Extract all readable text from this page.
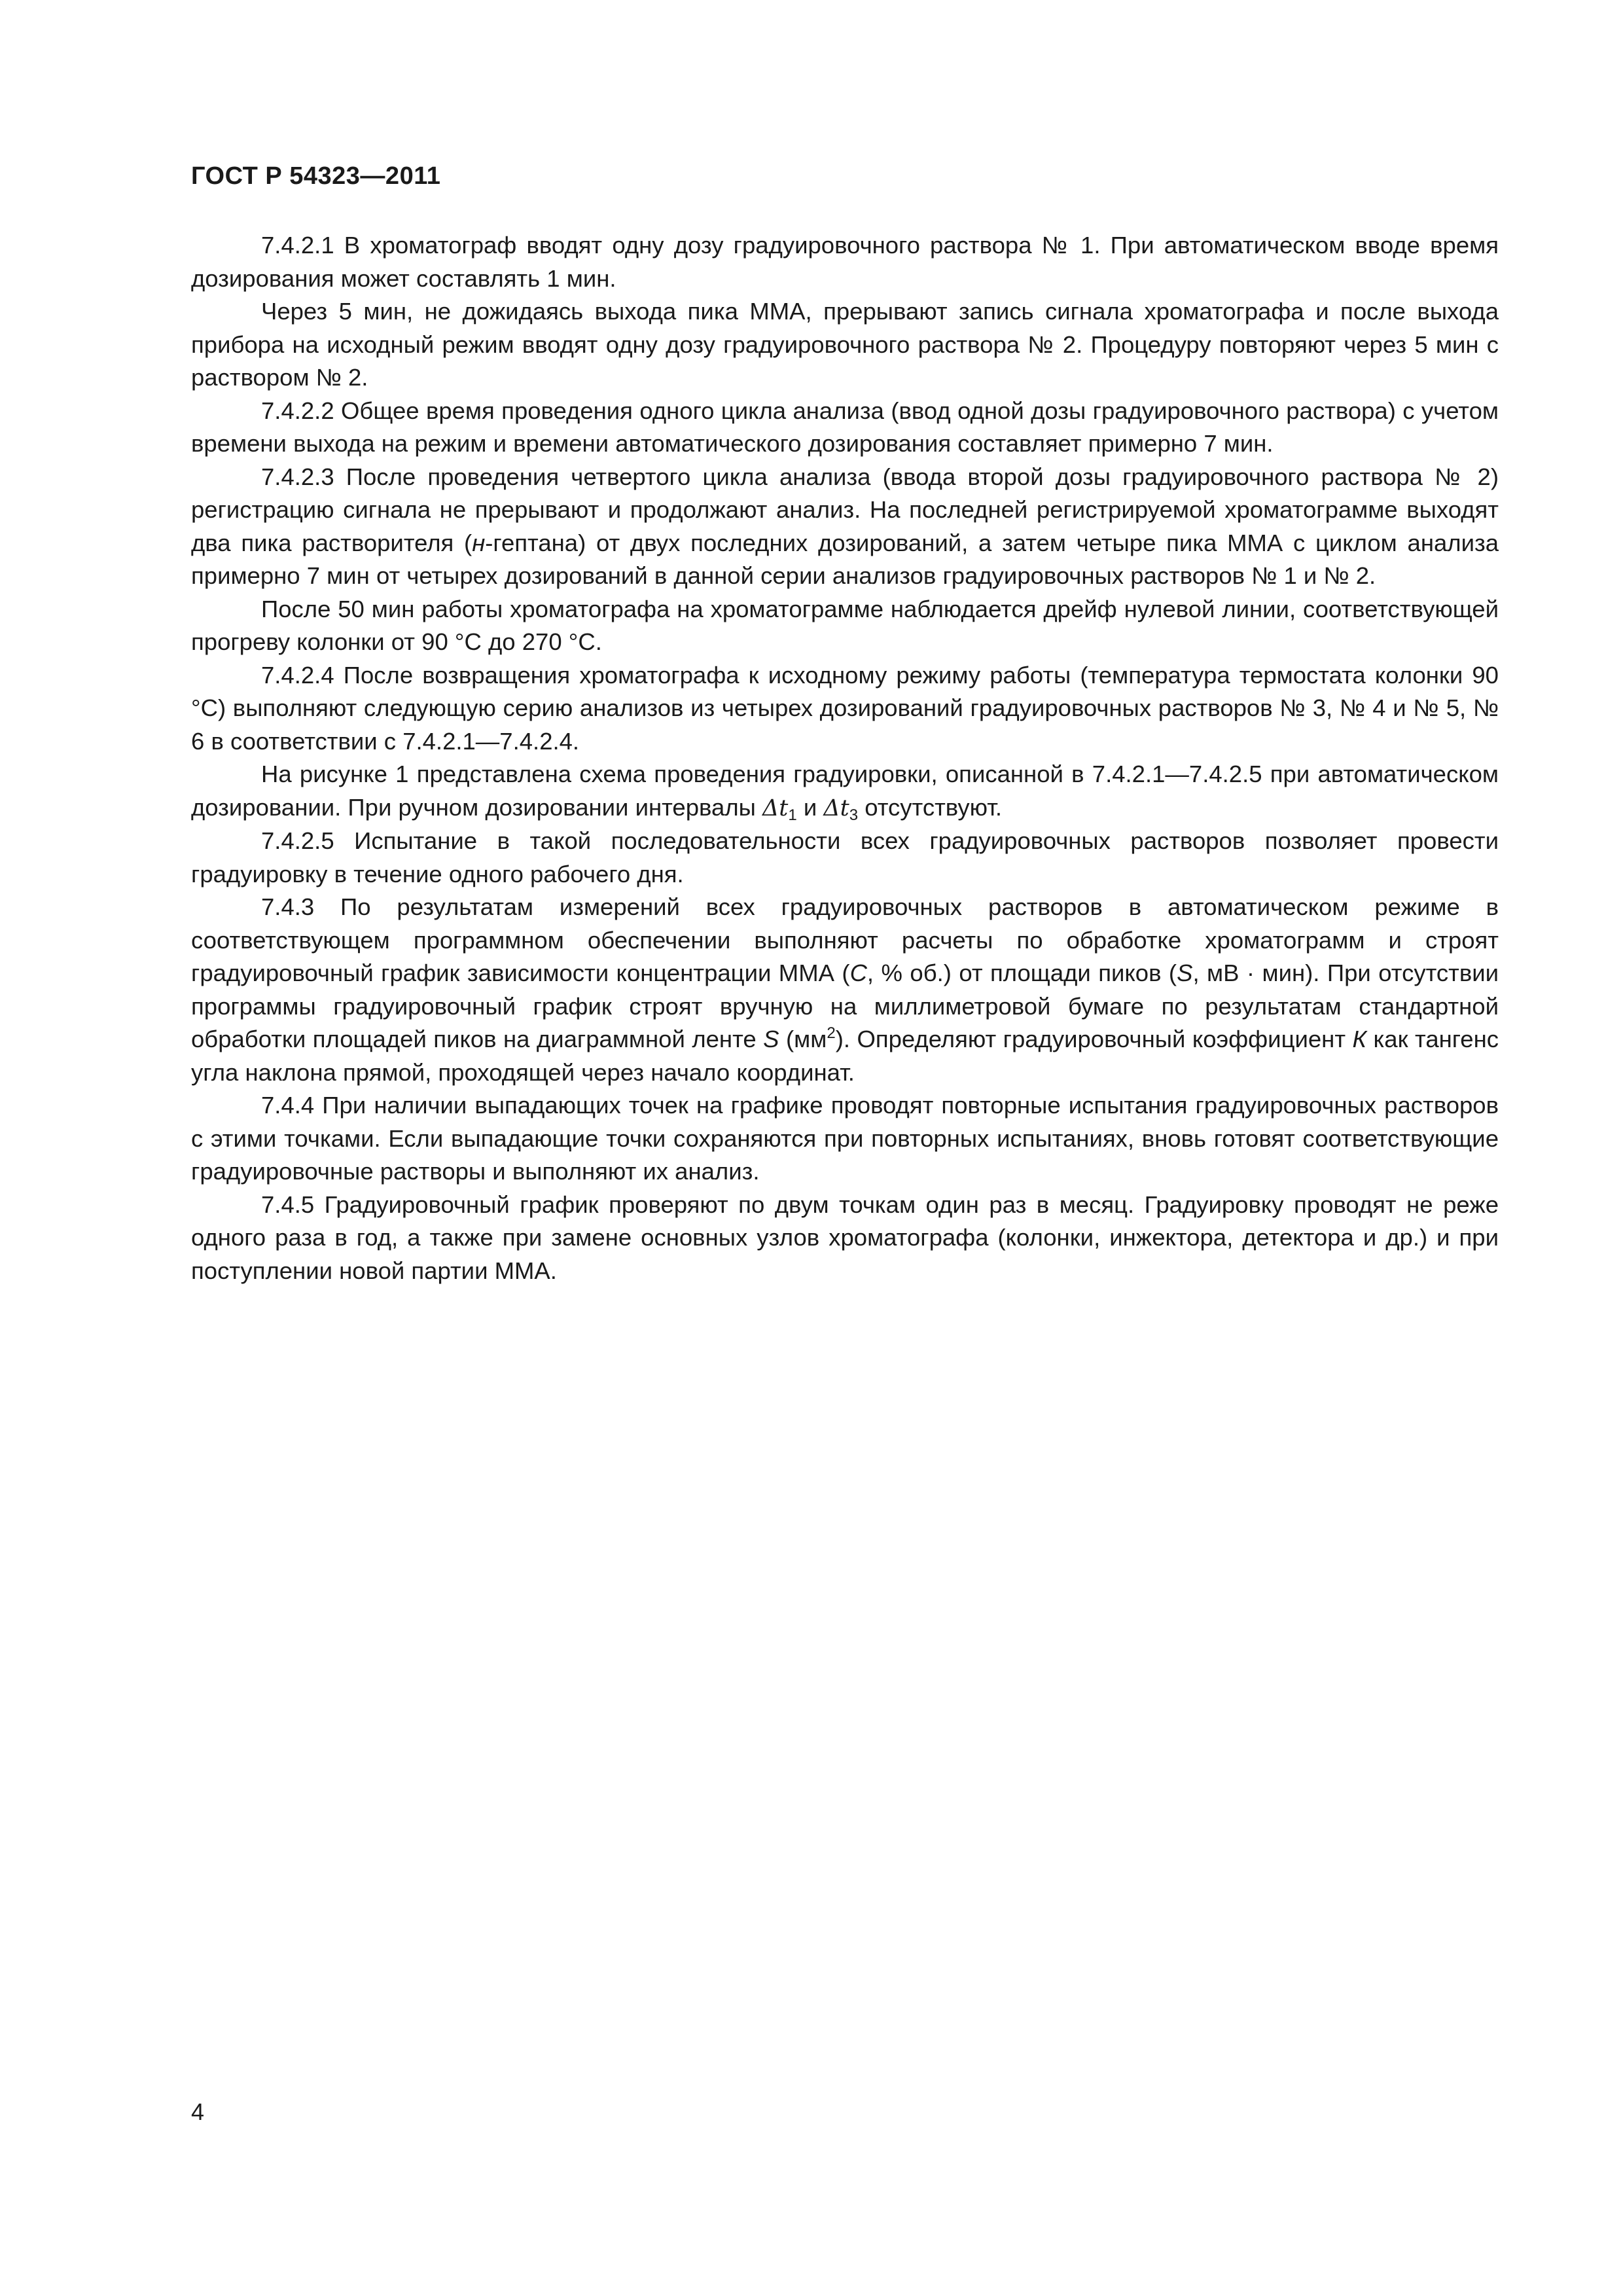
ГОСТ Р 54323—2011

7.4.2.1 В хроматограф вводят одну дозу градуировочного раствора № 1. При автоматическом вводе время дозирования может составлять 1 мин.

Через 5 мин, не дожидаясь выхода пика ММА, прерывают запись сигнала хроматографа и после выхода прибора на исходный режим вводят одну дозу градуировочного раствора № 2. Процедуру повторяют через 5 мин с раствором № 2.

7.4.2.2 Общее время проведения одного цикла анализа (ввод одной дозы градуировочного раствора) с учетом времени выхода на режим и времени автоматического дозирования составляет примерно 7 мин.

7.4.2.3 После проведения четвертого цикла анализа (ввода второй дозы градуировочного раствора № 2) регистрацию сигнала не прерывают и продолжают анализ. На последней регистрируемой хроматограмме выходят два пика растворителя (н-гептана) от двух последних дозирований, а затем четыре пика ММА с циклом анализа примерно 7 мин от четырех дозирований в данной серии анализов градуировочных растворов № 1 и № 2.

После 50 мин работы хроматографа на хроматограмме наблюдается дрейф нулевой линии, соответствующей прогреву колонки от 90 °C до 270 °C.

7.4.2.4 После возвращения хроматографа к исходному режиму работы (температура термостата колонки 90 °C) выполняют следующую серию анализов из четырех дозирований градуировочных растворов № 3, № 4 и № 5, № 6 в соответствии с 7.4.2.1—7.4.2.4.

На рисунке 1 представлена схема проведения градуировки, описанной в 7.4.2.1—7.4.2.5 при автоматическом дозировании. При ручном дозировании интервалы $\Delta t_1$ и $\Delta t_3$ отсутствуют.

7.4.2.5 Испытание в такой последовательности всех градуировочных растворов позволяет провести градуировку в течение одного рабочего дня.

7.4.3 По результатам измерений всех градуировочных растворов в автоматическом режиме в соответствующем программном обеспечении выполняют расчеты по обработке хроматограмм и строят градуировочный график зависимости концентрации ММА (С, % об.) от площади пиков (S, мВ · мин). При отсутствии программы градуировочный график строят вручную на миллиметровой бумаге по результатам стандартной обработки площадей пиков на диаграммной ленте S $(мм^2)$. Определяют градуировочный коэффициент К как тангенс угла наклона прямой, проходящей через начало координат.

7.4.4 При наличии выпадающих точек на графике проводят повторные испытания градуировочных растворов с этими точками. Если выпадающие точки сохраняются при повторных испытаниях, вновь готовят соответствующие градуировочные растворы и выполняют их анализ.

7.4.5 Градуировочный график проверяют по двум точкам один раз в месяц. Градуировку проводят не реже одного раза в год, а также при замене основных узлов хроматографа (колонки, инжектора, детектора и др.) и при поступлении новой партии ММА.

4
